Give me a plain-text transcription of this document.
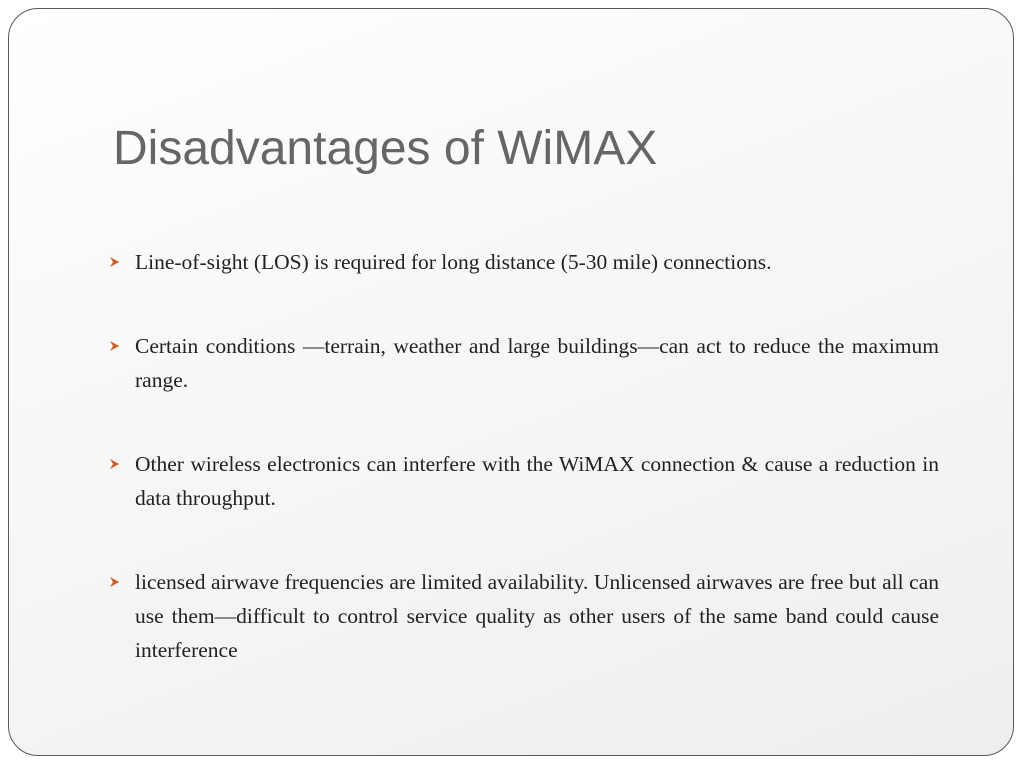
Disadvantages of WiMAX
Line-of-sight (LOS) is required for long distance (5-30 mile) connections.
Certain conditions —terrain, weather and large buildings—can act to reduce the maximum range.
Other wireless electronics can interfere with the WiMAX connection & cause a reduction in data throughput.
licensed airwave frequencies are limited availability. Unlicensed airwaves are free but all can use them—difficult to control service quality as other users of the same band could cause interference
